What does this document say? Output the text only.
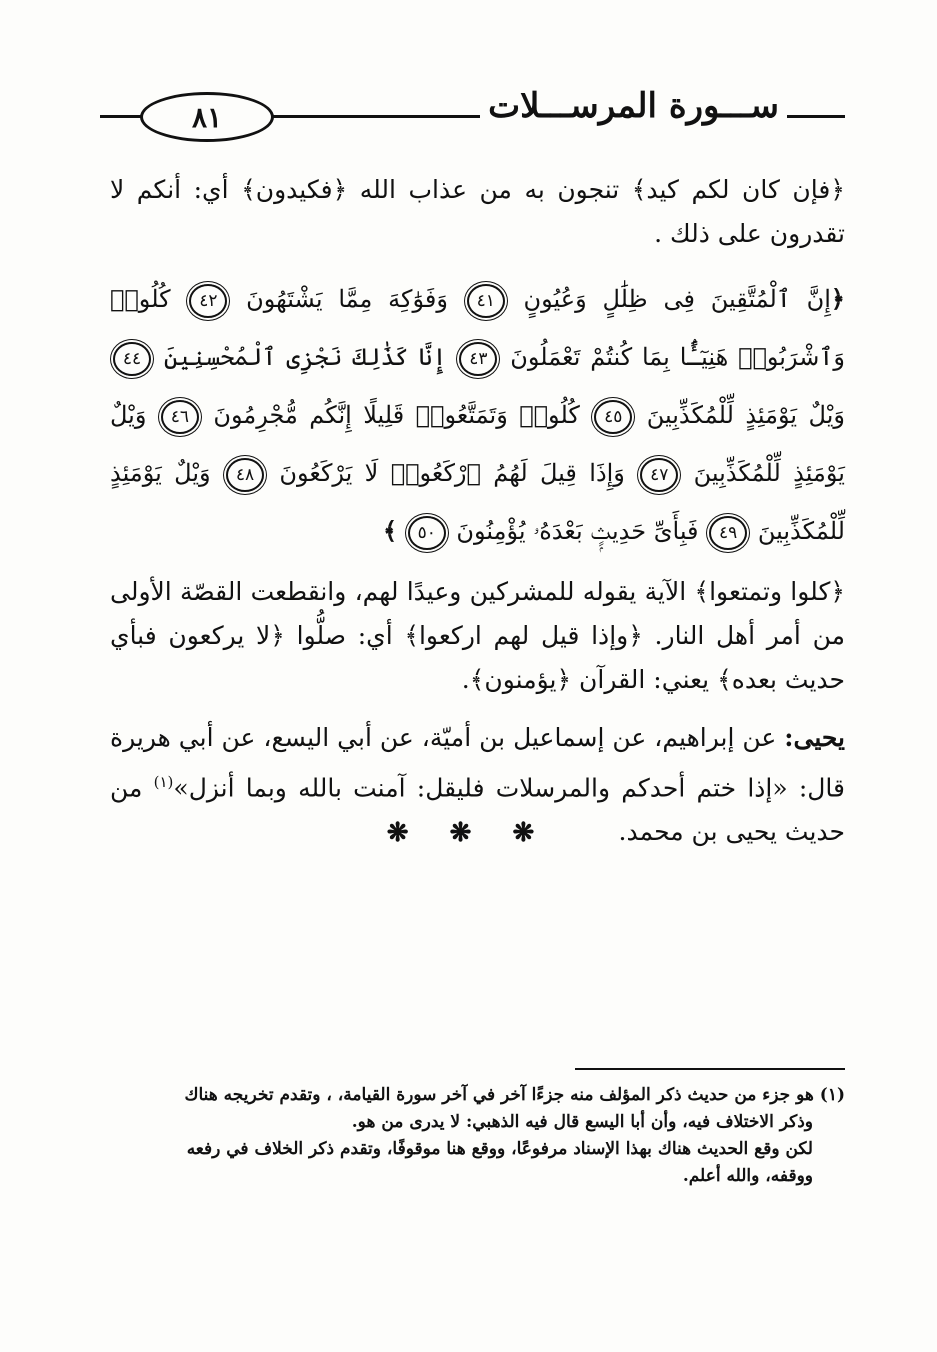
ســـورة المرســـلات
٨١

﴿فإن كان لكم كيد﴾ تنجون به من عذاب الله ﴿فكيدون﴾ أي: أنكم لا تقدرون على ذلك .

﴿إِنَّ ٱلْمُتَّقِينَ فِى ظِلَٰلٍ وَعُيُونٍ ٤١ وَفَوَٰكِهَ مِمَّا يَشْتَهُونَ ٤٢ كُلُوا۟ وَٱشْرَبُوا۟ هَنِيٓـًٔۢا بِمَا كُنتُمْ تَعْمَلُونَ ٤٣ إِنَّا كَذَٰلِكَ نَجْزِى ٱلْمُحْسِنِينَ ٤٤ وَيْلٌ يَوْمَئِذٍ لِّلْمُكَذِّبِينَ ٤٥ كُلُوا۟ وَتَمَتَّعُوا۟ قَلِيلًا إِنَّكُم مُّجْرِمُونَ ٤٦ وَيْلٌ يَوْمَئِذٍ لِّلْمُكَذِّبِينَ ٤٧ وَإِذَا قِيلَ لَهُمُ ٱرْكَعُوا۟ لَا يَرْكَعُونَ ٤٨ وَيْلٌ يَوْمَئِذٍ لِّلْمُكَذِّبِينَ ٤٩ فَبِأَىِّ حَدِيثٍۭ بَعْدَهُۥ يُؤْمِنُونَ ٥٠ ﴾

﴿كلوا وتمتعوا﴾ الآية يقوله للمشركين وعيدًا لهم، وانقطعت القصّة الأولى من أمر أهل النار. ﴿وإذا قيل لهم اركعوا﴾ أي: صلُّوا ﴿لا يركعون فبأي حديث بعده﴾ يعني: القرآن ﴿يؤمنون﴾.

يحيى: عن إبراهيم، عن إسماعيل بن أميّة، عن أبي اليسع، عن أبي هريرة قال: «إذا ختم أحدكم والمرسلات فليقل: آمنت بالله وبما أنزل»$^{(١)}$ من حديث يحيى بن محمد.

❋ ❋ ❋

(١) هو جزء من حديث ذكر المؤلف منه جزءًا آخر في آخر سورة القيامة، ، وتقدم تخريجه هناك

وذكر الاختلاف فيه، وأن أبا اليسع قال فيه الذهبي: لا يدرى من هو.

لكن وقع الحديث هناك بهذا الإسناد مرفوعًا، ووقع هنا موقوفًا، وتقدم ذكر الخلاف في رفعه

ووقفه، والله أعلم.
